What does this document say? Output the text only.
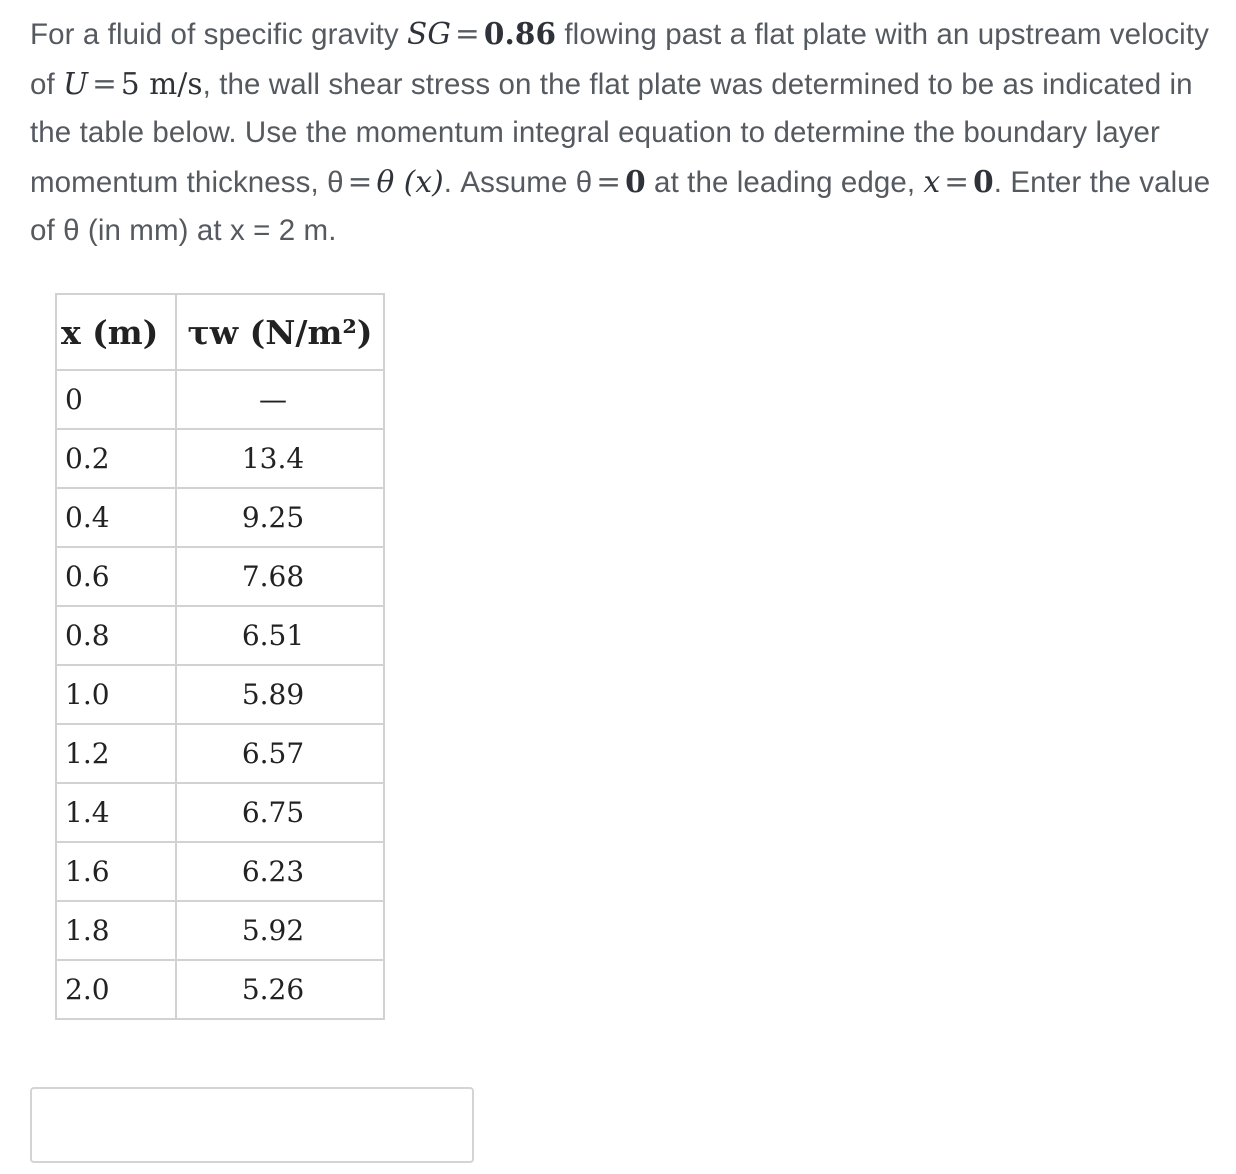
For a fluid of specific gravity SG = 0.86 flowing past a flat plate with an upstream velocity of U = 5 m/s, the wall shear stress on the flat plate was determined to be as indicated in the table below. Use the momentum integral equation to determine the boundary layer momentum thickness, θ = θ (x). Assume θ = 0 at the leading edge, x = 0. Enter the value of θ (in mm) at x = 2 m.
x (m)	τw (N/m²)
0	—
0.2	13.4
0.4	9.25
0.6	7.68
0.8	6.51
1.0	5.89
1.2	6.57
1.4	6.75
1.6	6.23
1.8	5.92
2.0	5.26
